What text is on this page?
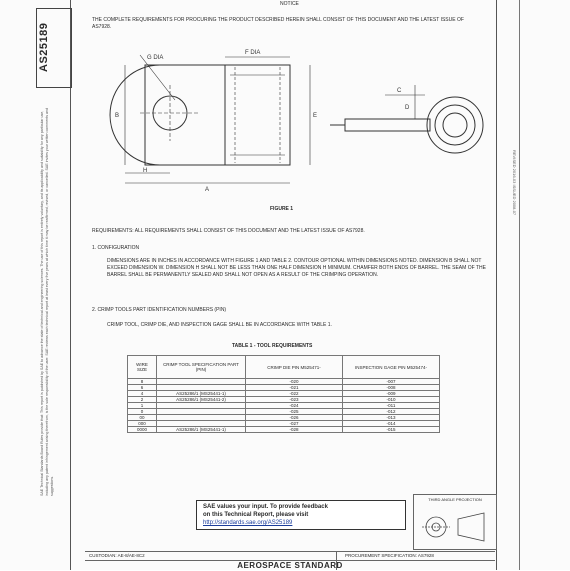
AS25189
SAE Technical Standards Board Rules provide that: This report is published by SAE to advance the state of technical and engineering sciences. The use of this report is entirely voluntary, and its applicability and suitability for any particular use, including any patent infringement arising therefrom, is the sole responsibility of the user. SAE reviews each technical report at least every five years at which time it may be reaffirmed, revised, or cancelled. SAE invites your written comments and suggestions.
REVISED 2016-03 ISSUED 2008-07
NOTICE
THE COMPLETE REQUIREMENTS FOR PROCURING THE PRODUCT DESCRIBED HEREIN SHALL CONSIST OF THIS DOCUMENT AND THE LATEST ISSUE OF AS7928.
G DIA
F DIA
B	E
H
A
C
D
FIGURE 1
REQUIREMENTS: ALL REQUIREMENTS SHALL CONSIST OF THIS DOCUMENT AND THE LATEST ISSUE OF AS7928.
1. CONFIGURATION
DIMENSIONS ARE IN INCHES IN ACCORDANCE WITH FIGURE 1 AND TABLE 2. CONTOUR OPTIONAL WITHIN DIMENSIONS NOTED. DIMENSION B SHALL NOT EXCEED DIMENSION W. DIMENSION H SHALL NOT BE LESS THAN ONE HALF DIMENSION H MINIMUM. CHAMFER BOTH ENDS OF BARREL. THE SEAM OF THE BARREL SHALL BE PERMANENTLY SEALED AND SHALL NOT OPEN AS A RESULT OF THE CRIMPING OPERATION.
2. CRIMP TOOLS PART IDENTIFICATION NUMBERS (PIN)
CRIMP TOOL, CRIMP DIE, AND INSPECTION GAGE SHALL BE IN ACCORDANCE WITH TABLE 1.
TABLE 1 - TOOL REQUIREMENTS
WIRE SIZE	CRIMP TOOL SPECIFICATION PART (PIN)	CRIMP DIE PIN M525471-	INSPECTION GAGE PIN M525474-
8		-020	-007
6		-021	-008
4	AS25286/1 (MS25441-1)	-022	-009
2	AS25286/1 (MS25441-2)	-023	-010
1		-024	-011
0		-025	-012
00		-026	-013
000		-027	-014
0000	AS25286/1 (MS25441-1)	-028	-015
THIRD ANGLE PROJECTION
SAE values your input. To provide feedback
on this Technical Report, please visit
http://standards.sae.org/AS25189
CUSTODIAN: AE-8/AE-8C2	PROCUREMENT SPECIFICATION: AS7928
AEROSPACE STANDARD
